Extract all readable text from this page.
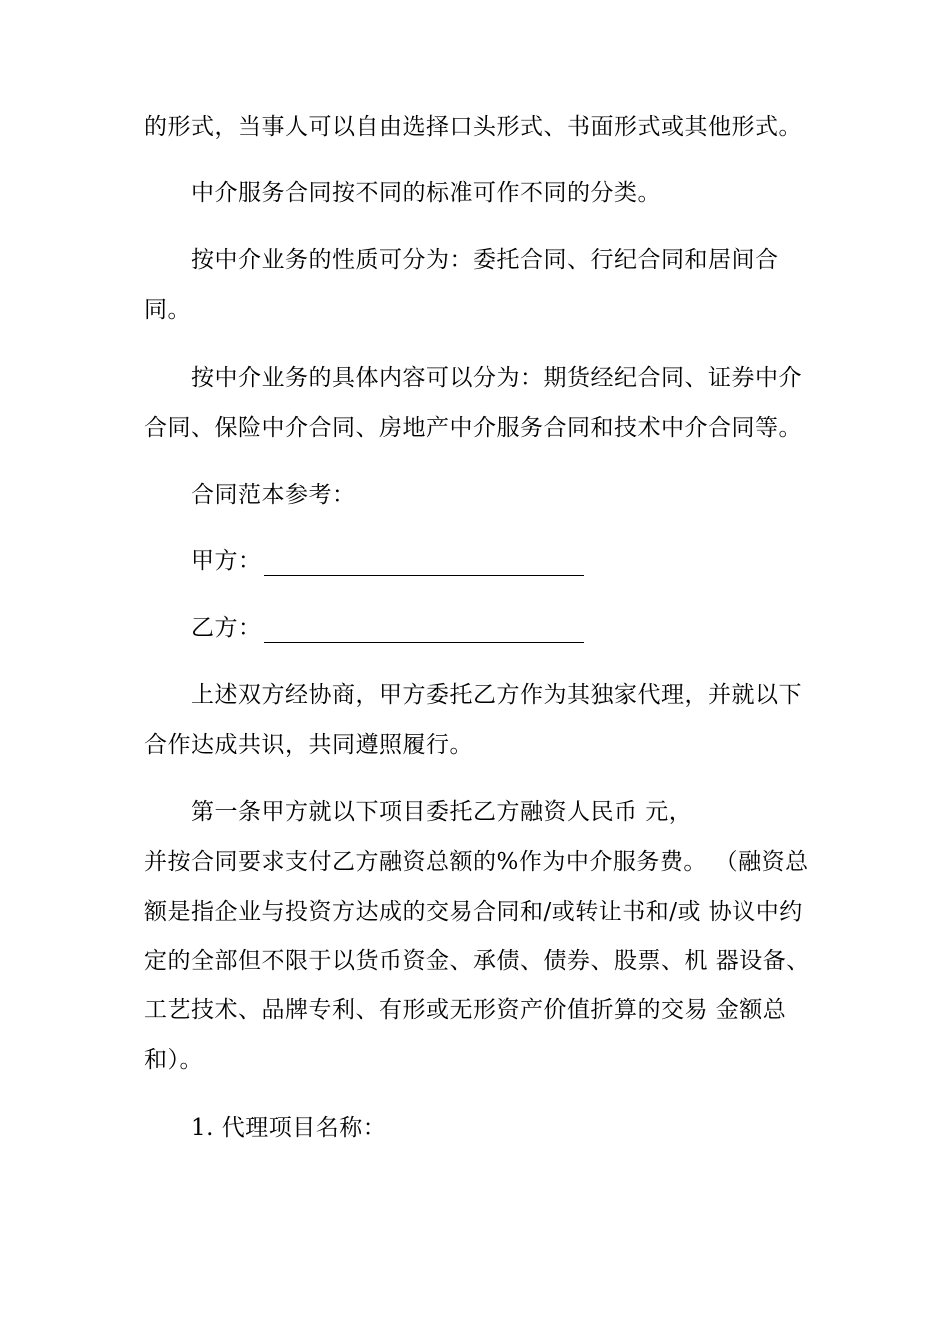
的形式，当事人可以自由选择口头形式、书面形式或其他形式。
中介服务合同按不同的标准可作不同的分类。
按中介业务的性质可分为：委托合同、行纪合同和居间合
同。
按中介业务的具体内容可以分为：期货经纪合同、证券中介
合同、保险中介合同、房地产中介服务合同和技术中介合同等。
合同范本参考：
甲方：
乙方：
上述双方经协商，甲方委托乙方作为其独家代理，并就以下
合作达成共识，共同遵照履行。
第一条甲方就以下项目委托乙方融资人民币 元，
并按合同要求支付乙方融资总额的%作为中介服务费。 （融资总
额是指企业与投资方达成的交易合同和/或转让书和/或 协议中约
定的全部但不限于以货币资金、承债、债券、股票、机 器设备、
工艺技术、品牌专利、有形或无形资产价值折算的交易 金额总
和）。
1. 代理项目名称：
